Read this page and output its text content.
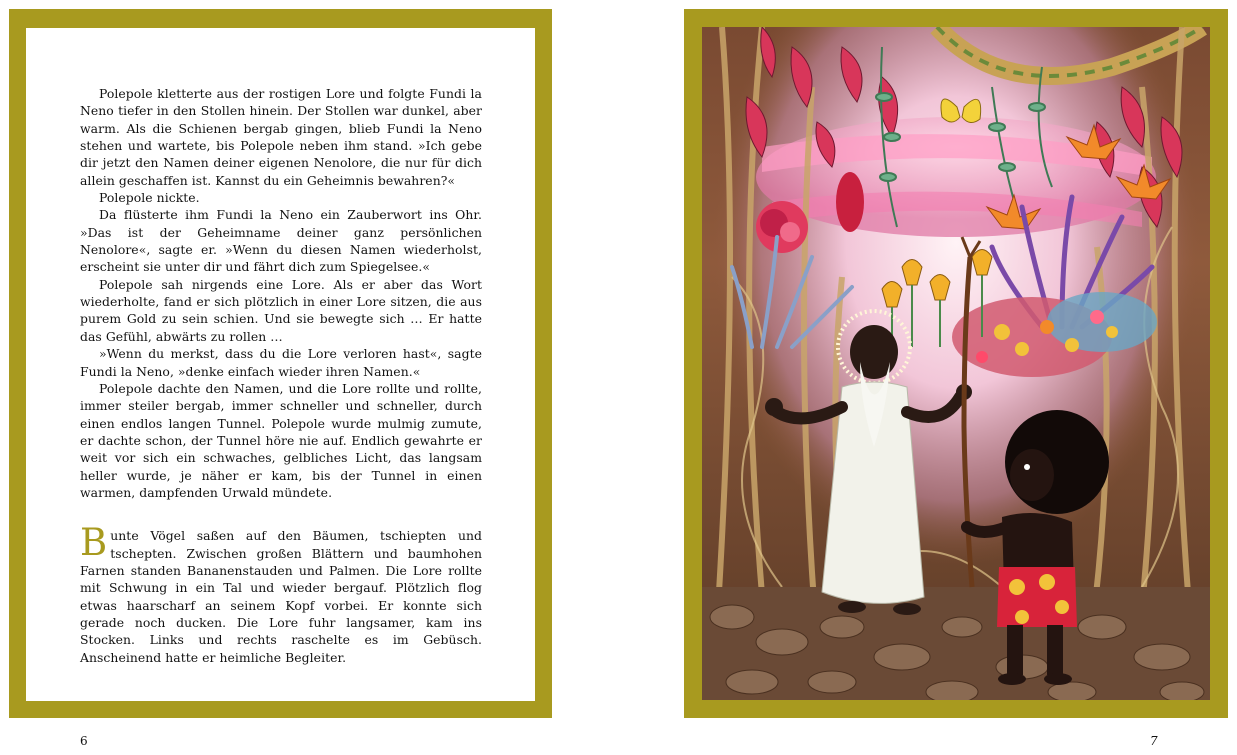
Polepole kletterte aus der rostigen Lore und folgte Fundi la Neno tiefer in den Stollen hinein. Der Stollen war dunkel, aber warm. Als die Schienen bergab gingen, blieb Fundi la Neno stehen und wartete, bis Polepole neben ihm stand. »Ich gebe dir jetzt den Namen deiner eigenen Nenolore, die nur für dich allein geschaffen ist. Kannst du ein Geheimnis bewahren?«

Polepole nickte.

Da flüsterte ihm Fundi la Neno ein Zauberwort ins Ohr. »Das ist der Geheimname deiner ganz persönlichen Nenolore«, sagte er. »Wenn du diesen Namen wiederholst, erscheint sie unter dir und fährt dich zum Spiegelsee.«

Polepole sah nirgends eine Lore. Als er aber das Wort wiederholte, fand er sich plötzlich in einer Lore sitzen, die aus purem Gold zu sein schien. Und sie bewegte sich … Er hatte das Gefühl, abwärts zu rollen …

»Wenn du merkst, dass du die Lore verloren hast«, sagte Fundi la Neno, »denke einfach wieder ihren Namen.«

Polepole dachte den Namen, und die Lore rollte und rollte, immer steiler bergab, immer schneller und schneller, durch einen endlos langen Tunnel. Polepole wurde mulmig zumute, er dachte schon, der Tunnel höre nie auf. Endlich gewahrte er weit vor sich ein schwaches, gelbliches Licht, das langsam heller wurde, je näher er kam, bis der Tunnel in einen warmen, dampfenden Urwald mündete.

Bunte Vögel saßen auf den Bäumen, tschiepten und tschepten. Zwischen großen Blättern und baumhohen Farnen standen Bananenstauden und Palmen. Die Lore rollte mit Schwung in ein Tal und wieder bergauf. Plötzlich flog etwas haarscharf an seinem Kopf vorbei. Er konnte sich gerade noch ducken. Die Lore fuhr langsamer, kam ins Stocken. Links und rechts raschelte es im Gebüsch. Anscheinend hatte er heimliche Begleiter.

6	7
